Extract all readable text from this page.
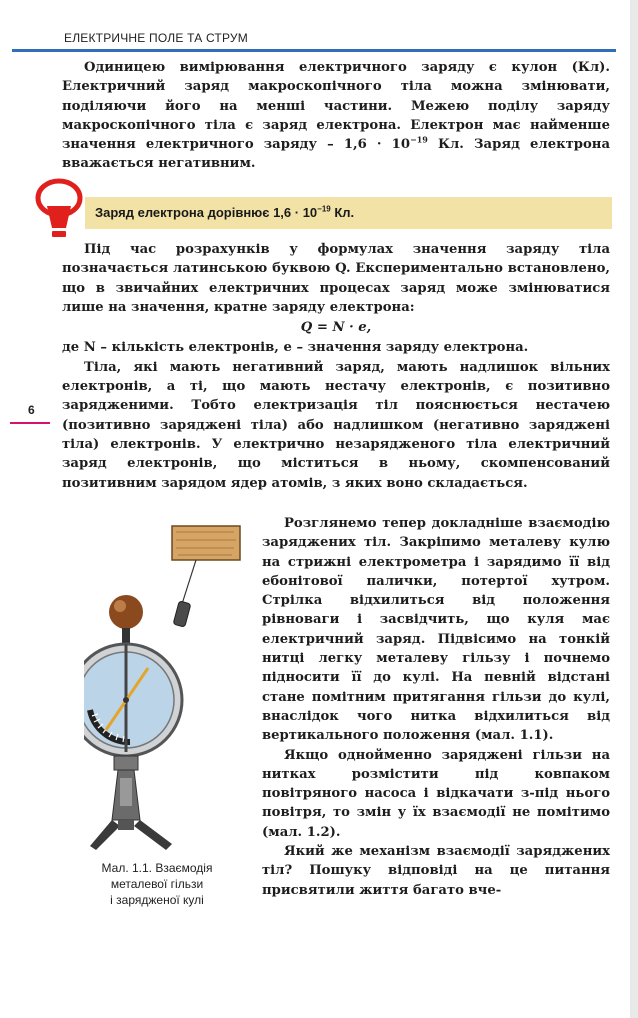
ЕЛЕКТРИЧНЕ ПОЛЕ ТА СТРУМ

Одиницею вимірювання електричного заряду є кулон (Кл). Електричний заряд макроскопічного тіла можна змінювати, поділяючи його на менші частини. Межею поділу заряду макроскопічного тіла є заряд електрона. Електрон має найменше значення електричного заряду – $1,6 \cdot 10^{-19}$ Кл. Заряд електрона вважається негативним.

Заряд електрона дорівнює $1,6 \cdot 10^{-19}$ Кл.

Під час розрахунків у формулах значення заряду тіла позначається латинською буквою Q. Експериментально встановлено, що в звичайних електричних процесах заряд може змінюватися лише на значення, кратне заряду електрона:

Q = N · e,

де N – кількість електронів, e – значення заряду електрона.

Тіла, які мають негативний заряд, мають надлишок вільних електронів, а ті, що мають нестачу електронів, є позитивно зарядженими. Тобто електризація тіл пояснюється нестачею (позитивно заряджені тіла) або надлишком (негативно заряджені тіла) електронів. У електрично незарядженого тіла електричний заряд електронів, що міститься в ньому, скомпенсований позитивним зарядом ядер атомів, з яких воно складається.

6
Мал. 1.1. Взаємодія
металевої гільзи
і зарядженої кулі

Розглянемо тепер докладніше взаємодію заряджених тіл. Закріпимо металеву кулю на стрижні електрометра і зарядимо її від ебонітової палички, потертої хутром. Стрілка відхилиться від положення рівноваги і засвідчить, що куля має електричний заряд. Підвісимо на тонкій нитці легку металеву гільзу і почнемо підносити її до кулі. На певній відстані стане помітним притягання гільзи до кулі, внаслідок чого нитка відхилиться від вертикального положення (мал. 1.1).

Якщо однойменно заряджені гільзи на нитках розмістити під ковпаком повітряного насоса і відкачати з-під нього повітря, то змін у їх взаємодії не помітимо (мал. 1.2).

Який же механізм взаємодії заряджених тіл? Пошуку відповіді на це питання присвятили життя багато вче-
